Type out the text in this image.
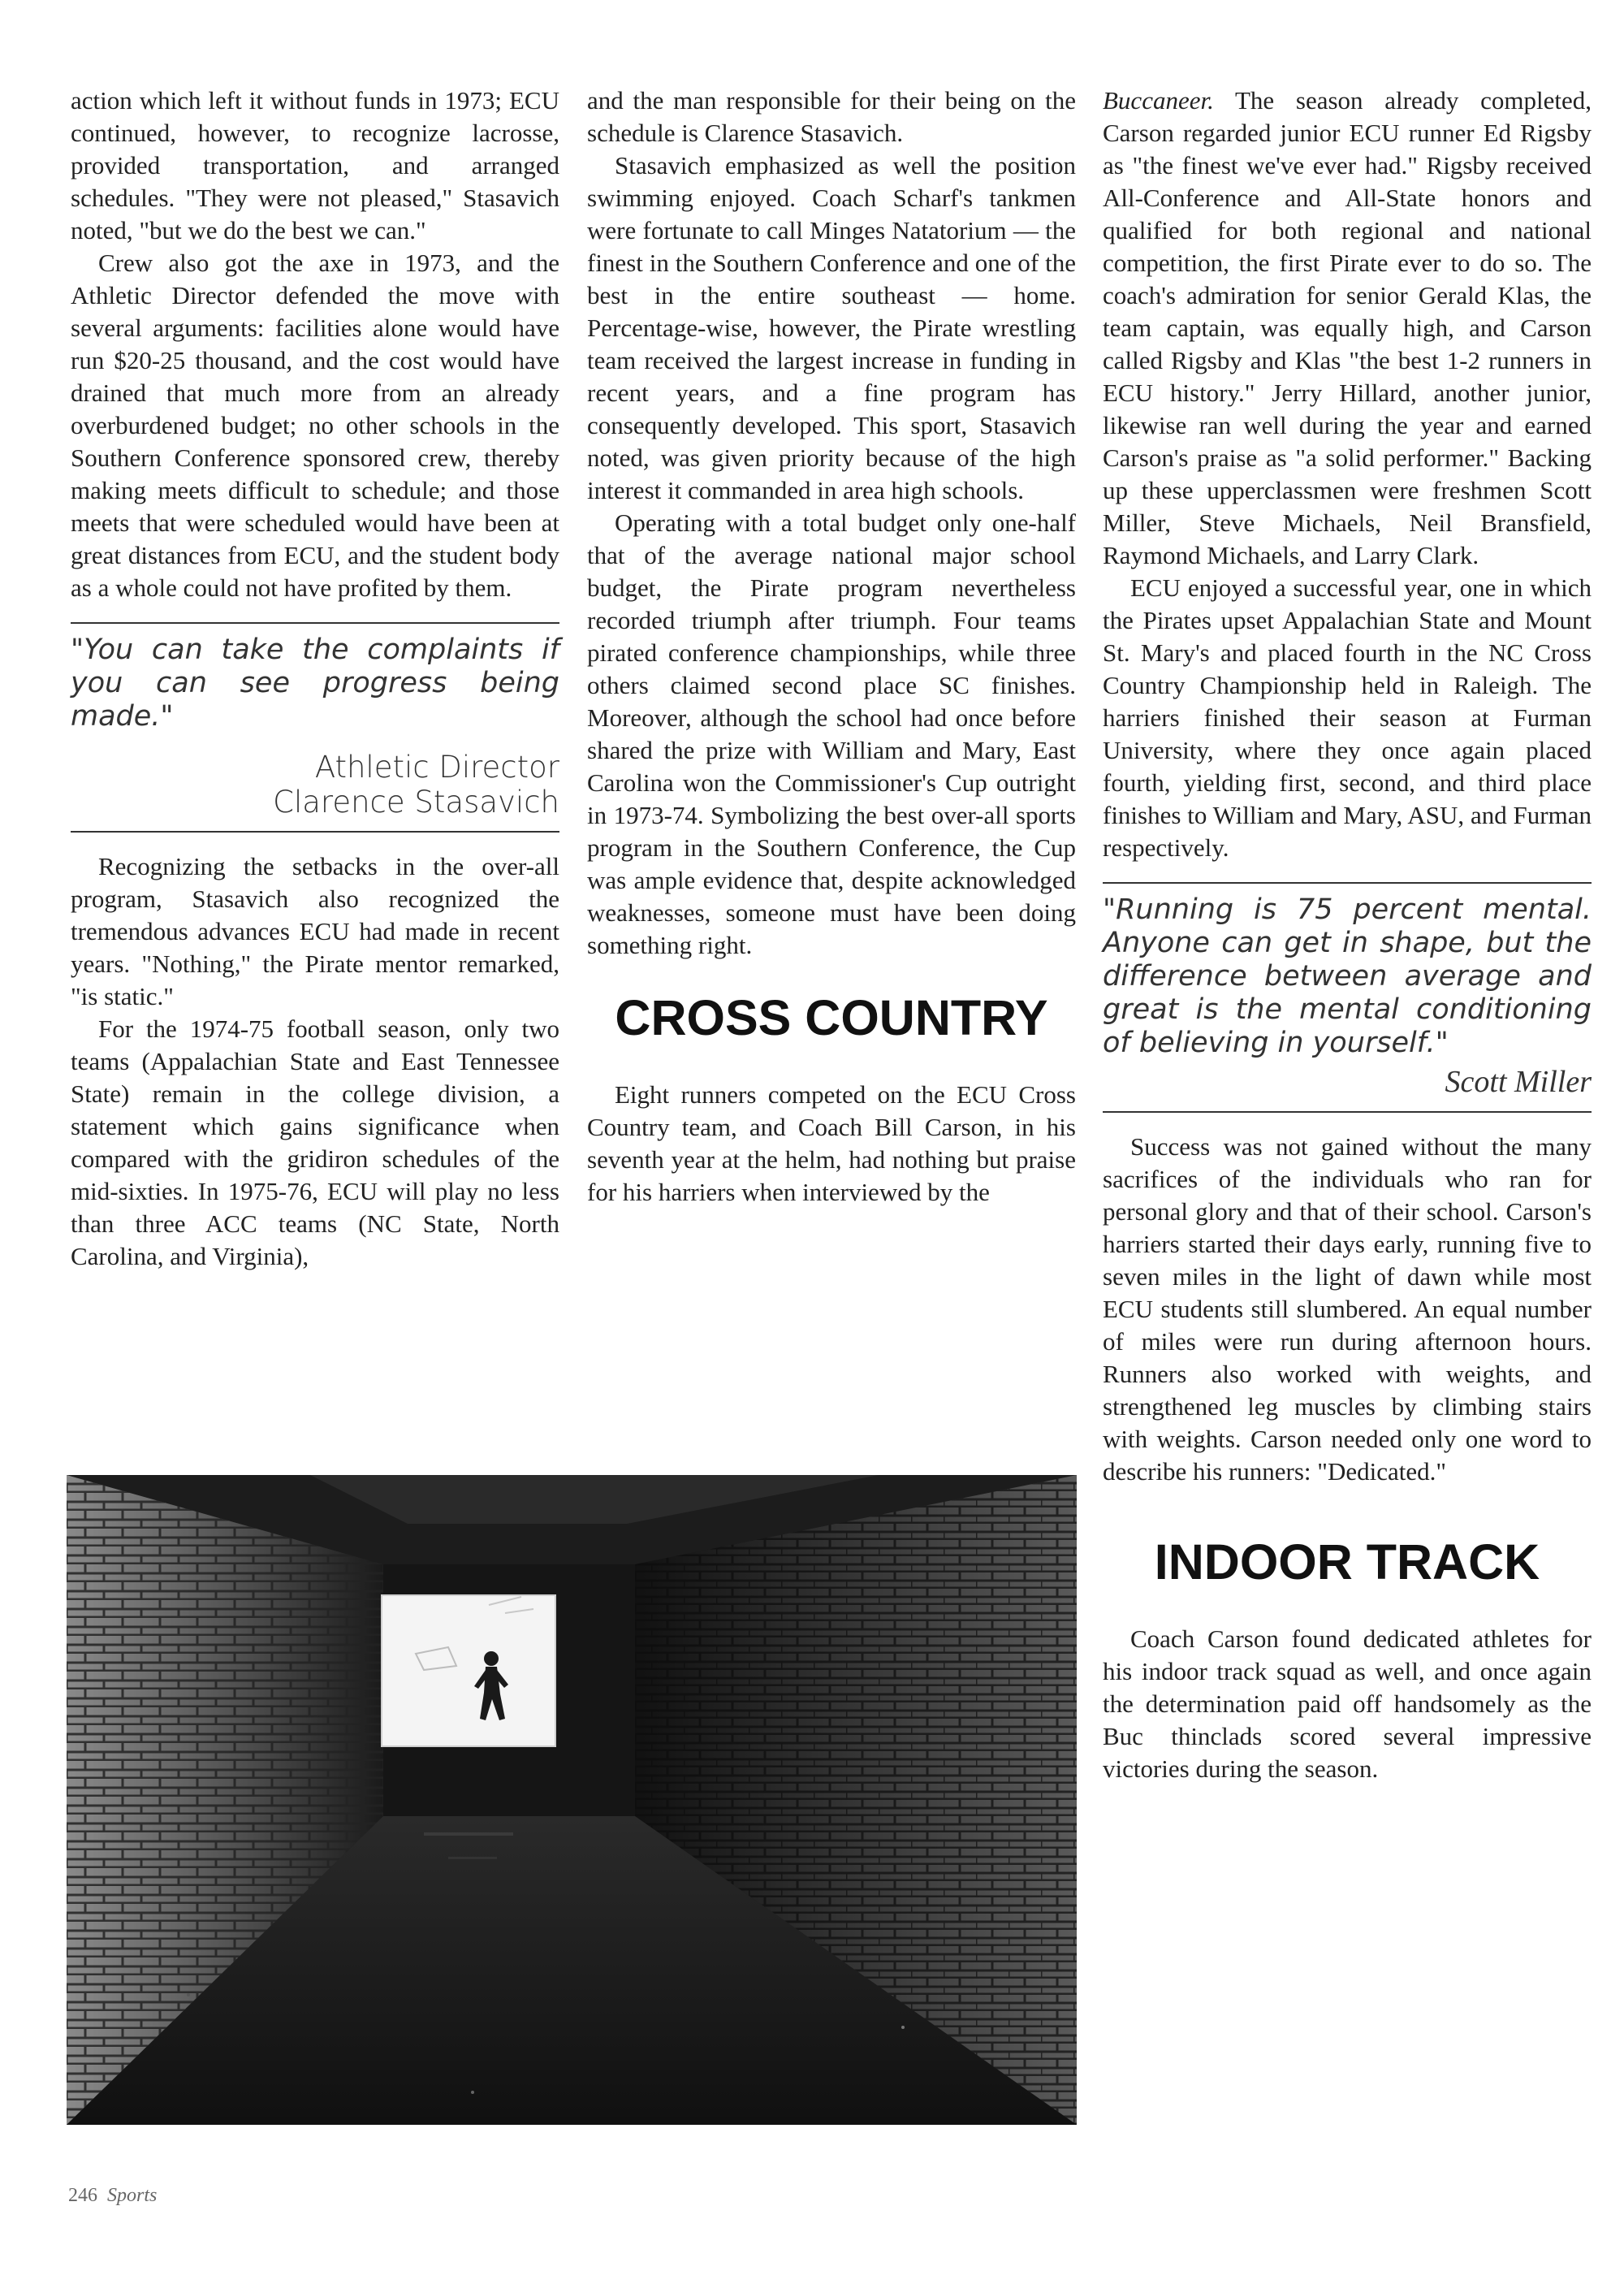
action which left it without funds in 1973; ECU continued, however, to recognize lacrosse, provided transportation, and arranged schedules. "They were not pleased," Stasavich noted, "but we do the best we can."

Crew also got the axe in 1973, and the Athletic Director defended the move with several arguments: facilities alone would have run $20-25 thousand, and the cost would have drained that much more from an already overburdened budget; no other schools in the Southern Conference sponsored crew, thereby making meets difficult to schedule; and those meets that were scheduled would have been at great distances from ECU, and the student body as a whole could not have profited by them.

"You can take the complaints if you can see progress being made."
Athletic Director
Clarence Stasavich

Recognizing the setbacks in the over-all program, Stasavich also recognized the tremendous advances ECU had made in recent years. "Nothing," the Pirate mentor remarked, "is static."

For the 1974-75 football season, only two teams (Appalachian State and East Tennessee State) remain in the college division, a statement which gains significance when compared with the gridiron schedules of the mid-sixties. In 1975-76, ECU will play no less than three ACC teams (NC State, North Carolina, and Virginia),

and the man responsible for their being on the schedule is Clarence Stasavich.

Stasavich emphasized as well the position swimming enjoyed. Coach Scharf's tankmen were fortunate to call Minges Natatorium — the finest in the Southern Conference and one of the best in the entire southeast — home. Percentage-wise, however, the Pirate wrestling team received the largest increase in funding in recent years, and a fine program has consequently developed. This sport, Stasavich noted, was given priority because of the high interest it commanded in area high schools.

Operating with a total budget only one-half that of the average national major school budget, the Pirate program nevertheless recorded triumph after triumph. Four teams pirated conference championships, while three others claimed second place SC finishes. Moreover, although the school had once before shared the prize with William and Mary, East Carolina won the Commissioner's Cup outright in 1973-74. Symbolizing the best over-all sports program in the Southern Conference, the Cup was ample evidence that, despite acknowledged weaknesses, someone must have been doing something right.

CROSS COUNTRY

Eight runners competed on the ECU Cross Country team, and Coach Bill Carson, in his seventh year at the helm, had nothing but praise for his harriers when interviewed by the

Buccaneer. The season already completed, Carson regarded junior ECU runner Ed Rigsby as "the finest we've ever had." Rigsby received All-Conference and All-State honors and qualified for both regional and national competition, the first Pirate ever to do so. The coach's admiration for senior Gerald Klas, the team captain, was equally high, and Carson called Rigsby and Klas "the best 1-2 runners in ECU history." Jerry Hillard, another junior, likewise ran well during the year and earned Carson's praise as "a solid performer." Backing up these upperclassmen were freshmen Scott Miller, Steve Michaels, Neil Bransfield, Raymond Michaels, and Larry Clark.

ECU enjoyed a successful year, one in which the Pirates upset Appalachian State and Mount St. Mary's and placed fourth in the NC Cross Country Championship held in Raleigh. The harriers finished their season at Furman University, where they once again placed fourth, yielding first, second, and third place finishes to William and Mary, ASU, and Furman respectively.

"Running is 75 percent mental. Anyone can get in shape, but the difference between average and great is the mental conditioning of believing in yourself."
Scott Miller

Success was not gained without the many sacrifices of the individuals who ran for personal glory and that of their school. Carson's harriers started their days early, running five to seven miles in the light of dawn while most ECU students still slumbered. An equal number of miles were run during afternoon hours. Runners also worked with weights, and strengthened leg muscles by climbing stairs with weights. Carson needed only one word to describe his runners: "Dedicated."

INDOOR TRACK

Coach Carson found dedicated athletes for his indoor track squad as well, and once again the determination paid off handsomely as the Buc thinclads scored several impressive victories during the season.

246 Sports
